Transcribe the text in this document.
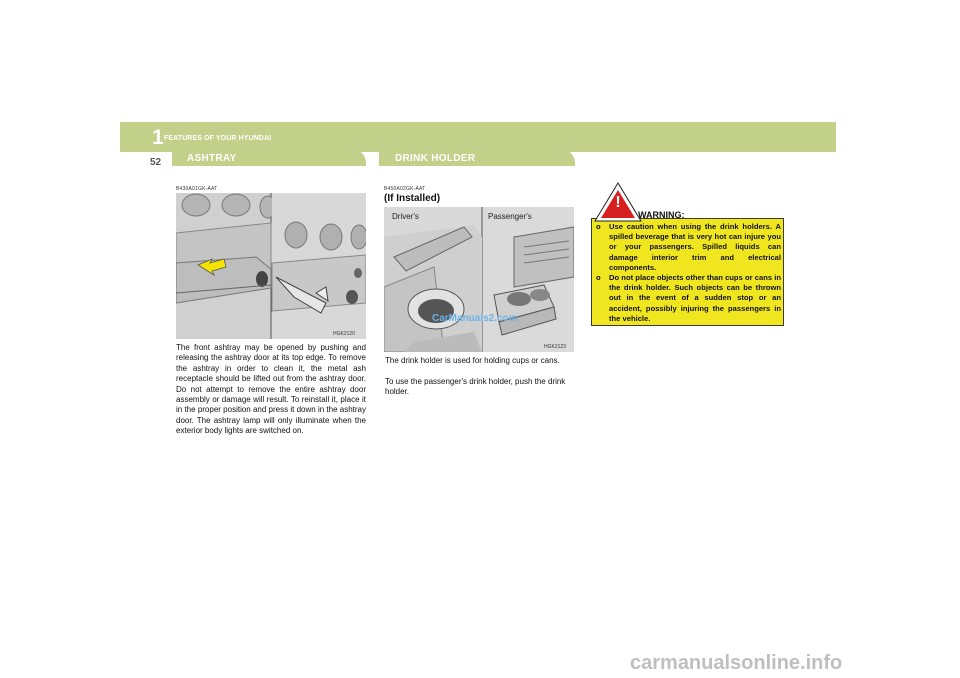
1 FEATURES OF YOUR HYUNDAI
52	ASHTRAY	DRINK HOLDER
B430A01GK-AAT
HGK2120
The front ashtray may be opened by pushing and releasing the ashtray door at its top edge. To remove the ashtray in order to clean it, the metal ash receptacle should be lifted out from the ashtray door. Do not attempt to remove the entire ashtray door assembly or damage will result. To reinstall it, place it in the proper position and press it down in the ashtray door. The ashtray lamp will only illuminate when the exterior body lights are switched on.
B450A02GK-AAT
(If Installed)
Driver's	Passenger's
HGK2123
CarManuals2.com
The drink holder is used for holding cups or cans.
To use the passenger's drink holder, push the drink holder.
!
WARNING:
o	Use caution when using the drink holders. A spilled beverage that is very hot can injure you or your passengers. Spilled liquids can damage interior trim and electrical components.
o	Do not place objects other than cups or cans in the drink holder. Such objects can be thrown out in the event of a sudden stop or an accident, possibly injuring the passengers in the vehicle.
carmanualsonline.info
